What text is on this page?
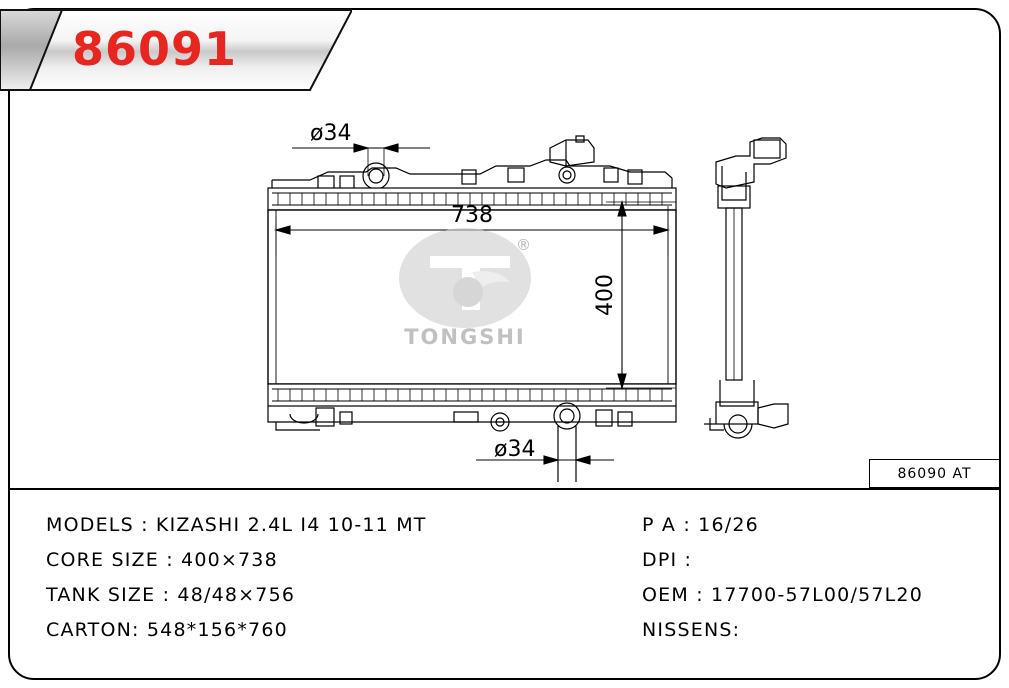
86091
TONGSHI
®
738
400
ø34
ø34
86090 AT
MODELS : KIZASHI 2.4L I4 10-11 MT
CORE SIZE : 400×738
TANK SIZE : 48/48×756
CARTON: 548*156*760
P A : 16/26
DPI :
OEM : 17700-57L00/57L20
NISSENS:
